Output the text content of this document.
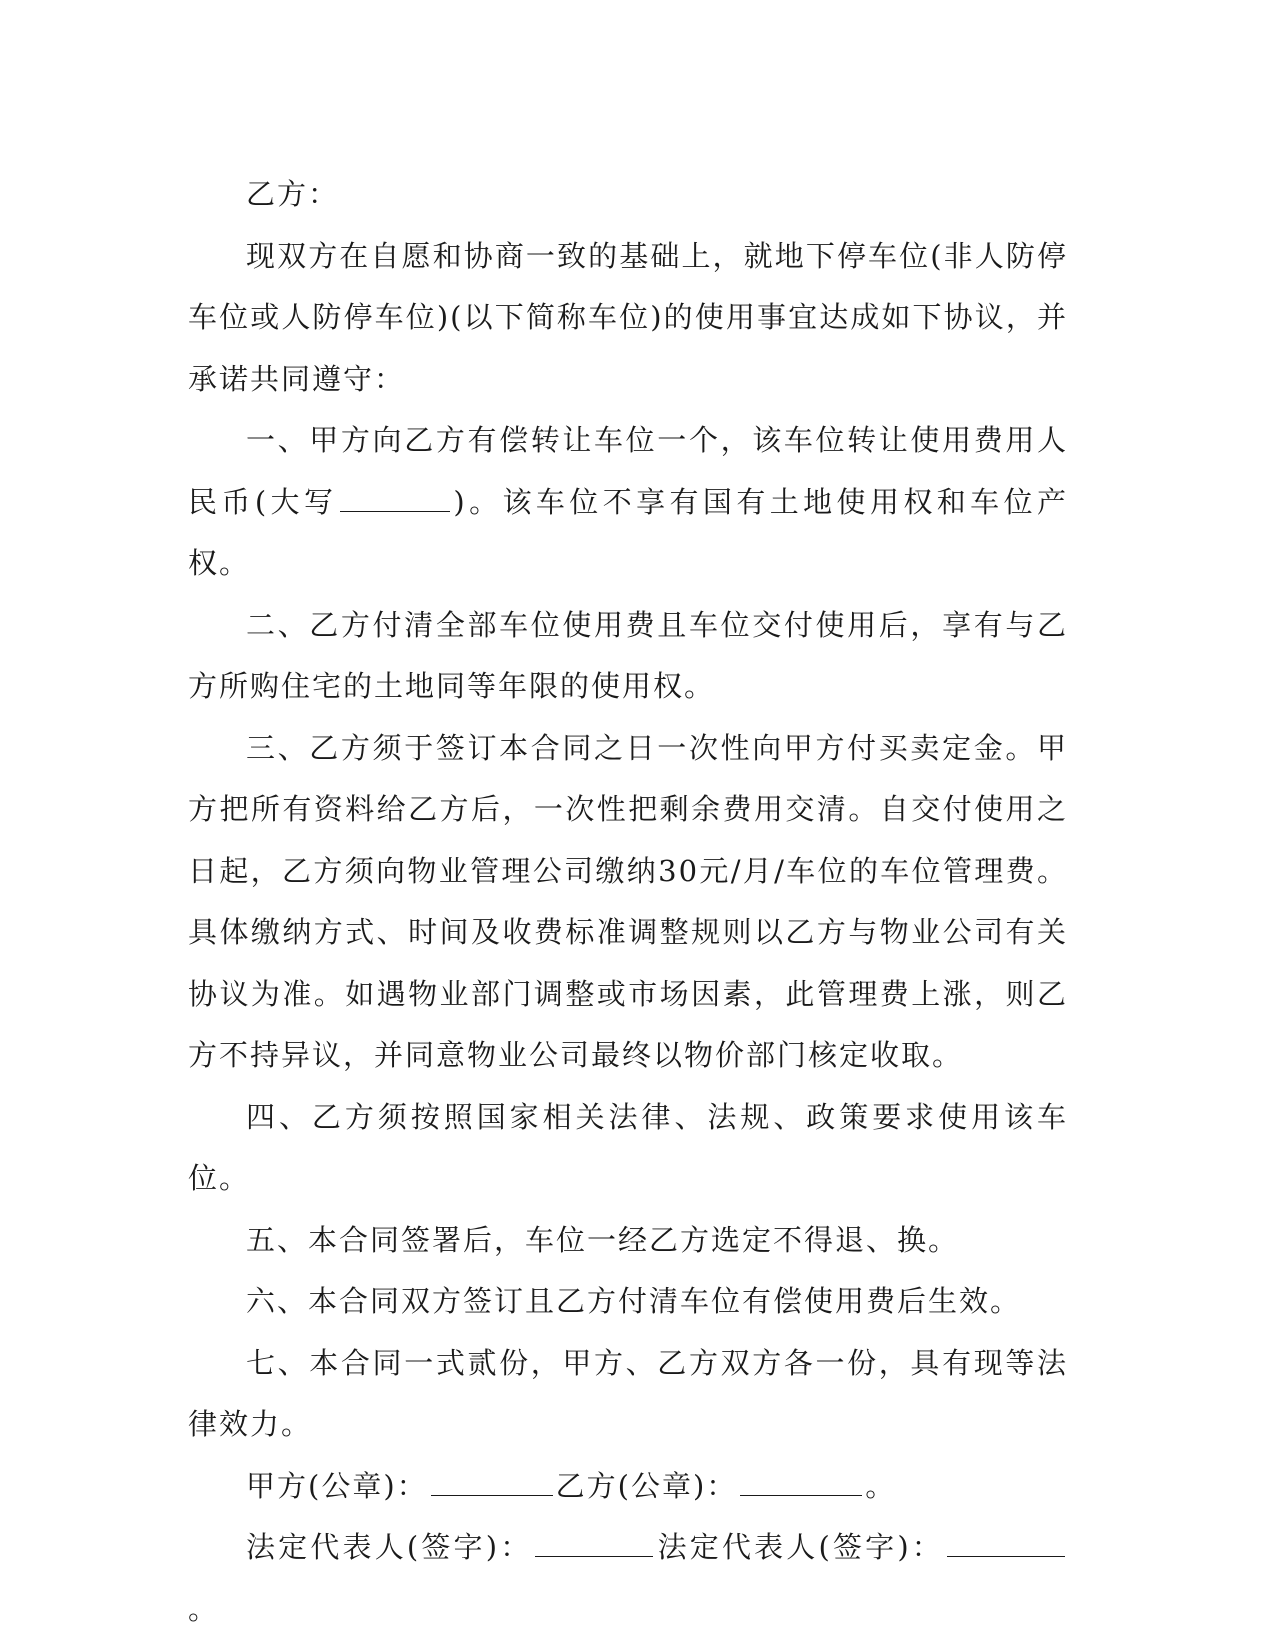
乙方：

现双方在自愿和协商一致的基础上，就地下停车位(非人防停车位或人防停车位)(以下简称车位)的使用事宜达成如下协议，并承诺共同遵守：

一、甲方向乙方有偿转让车位一个，该车位转让使用费用人民币(大写	)。该车位不享有国有土地使用权和车位产权。

二、乙方付清全部车位使用费且车位交付使用后，享有与乙方所购住宅的土地同等年限的使用权。

三、乙方须于签订本合同之日一次性向甲方付买卖定金。甲方把所有资料给乙方后，一次性把剩余费用交清。自交付使用之日起，乙方须向物业管理公司缴纳30元/月/车位的车位管理费。具体缴纳方式、时间及收费标准调整规则以乙方与物业公司有关协议为准。如遇物业部门调整或市场因素，此管理费上涨，则乙方不持异议，并同意物业公司最终以物价部门核定收取。

四、乙方须按照国家相关法律、法规、政策要求使用该车位。

五、本合同签署后，车位一经乙方选定不得退、换。

六、本合同双方签订且乙方付清车位有偿使用费后生效。

七、本合同一式贰份，甲方、乙方双方各一份，具有现等法律效力。

甲方(公章)：	乙方(公章)：	。

法定代表人(签字)：	法定代表人(签字)：。
